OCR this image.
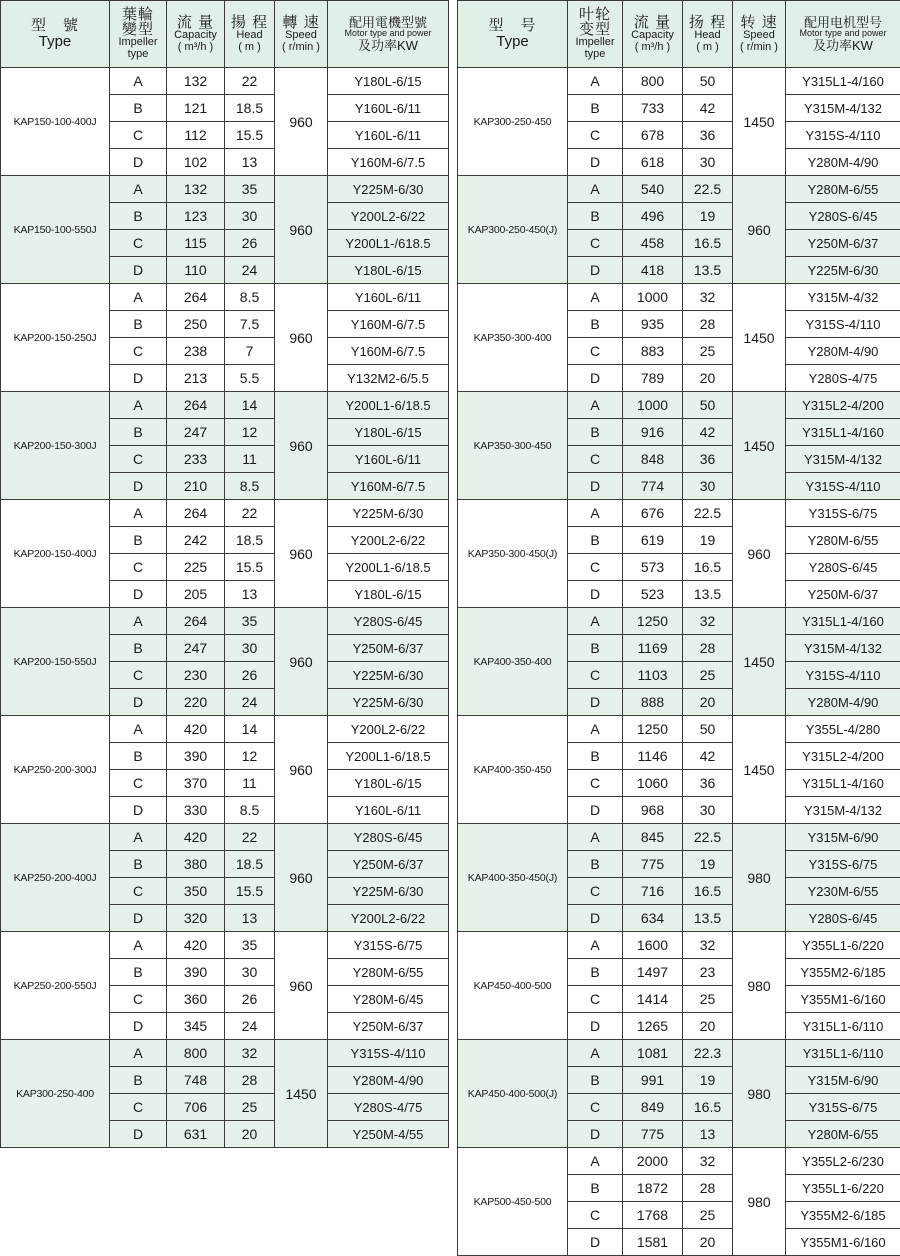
型　號
Type	葉輪
變型
Impeller type	流 量
Capacity
( m³/h )	揚 程
Head
( m )	轉 速
Speed
( r/min )	配用電機型號
Motor type and power
及功率KW

KAP150-100-400J	A	132	22	960	Y180L-6/15
	B	121	18.5		Y160L-6/11
	C	112	15.5		Y160L-6/11
	D	102	13		Y160M-6/7.5
KAP150-100-550J	A	132	35	960	Y225M-6/30
	B	123	30		Y200L2-6/22
	C	115	26		Y200L1-/618.5
	D	110	24		Y180L-6/15
KAP200-150-250J	A	264	8.5	960	Y160L-6/11
	B	250	7.5		Y160M-6/7.5
	C	238	7		Y160M-6/7.5
	D	213	5.5		Y132M2-6/5.5
KAP200-150-300J	A	264	14	960	Y200L1-6/18.5
	B	247	12		Y180L-6/15
	C	233	11		Y160L-6/11
	D	210	8.5		Y160M-6/7.5
KAP200-150-400J	A	264	22	960	Y225M-6/30
	B	242	18.5		Y200L2-6/22
	C	225	15.5		Y200L1-6/18.5
	D	205	13		Y180L-6/15
KAP200-150-550J	A	264	35	960	Y280S-6/45
	B	247	30		Y250M-6/37
	C	230	26		Y225M-6/30
	D	220	24		Y225M-6/30
KAP250-200-300J	A	420	14	960	Y200L2-6/22
	B	390	12		Y200L1-6/18.5
	C	370	11		Y180L-6/15
	D	330	8.5		Y160L-6/11
KAP250-200-400J	A	420	22	960	Y280S-6/45
	B	380	18.5		Y250M-6/37
	C	350	15.5		Y225M-6/30
	D	320	13		Y200L2-6/22
KAP250-200-550J	A	420	35	960	Y315S-6/75
	B	390	30		Y280M-6/55
	C	360	26		Y280M-6/45
	D	345	24		Y250M-6/37
KAP300-250-400	A	800	32	1450	Y315S-4/110
	B	748	28		Y280M-4/90
	C	706	25		Y280S-4/75
	D	631	20		Y250M-4/55
型　号
Type	叶轮
变型
Impeller type	流 量
Capacity
( m³/h )	扬 程
Head
( m )	转 速
Speed
( r/min )	配用电机型号
Motor type and power
及功率KW

KAP300-250-450	A	800	50	1450	Y315L1-4/160
	B	733	42		Y315M-4/132
	C	678	36		Y315S-4/110
	D	618	30		Y280M-4/90
KAP300-250-450(J)	A	540	22.5	960	Y280M-6/55
	B	496	19		Y280S-6/45
	C	458	16.5		Y250M-6/37
	D	418	13.5		Y225M-6/30
KAP350-300-400	A	1000	32	1450	Y315M-4/32
	B	935	28		Y315S-4/110
	C	883	25		Y280M-4/90
	D	789	20		Y280S-4/75
KAP350-300-450	A	1000	50	1450	Y315L2-4/200
	B	916	42		Y315L1-4/160
	C	848	36		Y315M-4/132
	D	774	30		Y315S-4/110
KAP350-300-450(J)	A	676	22.5	960	Y315S-6/75
	B	619	19		Y280M-6/55
	C	573	16.5		Y280S-6/45
	D	523	13.5		Y250M-6/37
KAP400-350-400	A	1250	32	1450	Y315L1-4/160
	B	1169	28		Y315M-4/132
	C	1103	25		Y315S-4/110
	D	888	20		Y280M-4/90
KAP400-350-450	A	1250	50	1450	Y355L-4/280
	B	1146	42		Y315L2-4/200
	C	1060	36		Y315L1-4/160
	D	968	30		Y315M-4/132
KAP400-350-450(J)	A	845	22.5	980	Y315M-6/90
	B	775	19		Y315S-6/75
	C	716	16.5		Y230M-6/55
	D	634	13.5		Y280S-6/45
KAP450-400-500	A	1600	32	980	Y355L1-6/220
	B	1497	23		Y355M2-6/185
	C	1414	25		Y355M1-6/160
	D	1265	20		Y315L1-6/110
KAP450-400-500(J)	A	1081	22.3	980	Y315L1-6/110
	B	991	19		Y315M-6/90
	C	849	16.5		Y315S-6/75
	D	775	13		Y280M-6/55
KAP500-450-500	A	2000	32	980	Y355L2-6/230
	B	1872	28		Y355L1-6/220
	C	1768	25		Y355M2-6/185
	D	1581	20		Y355M1-6/160
